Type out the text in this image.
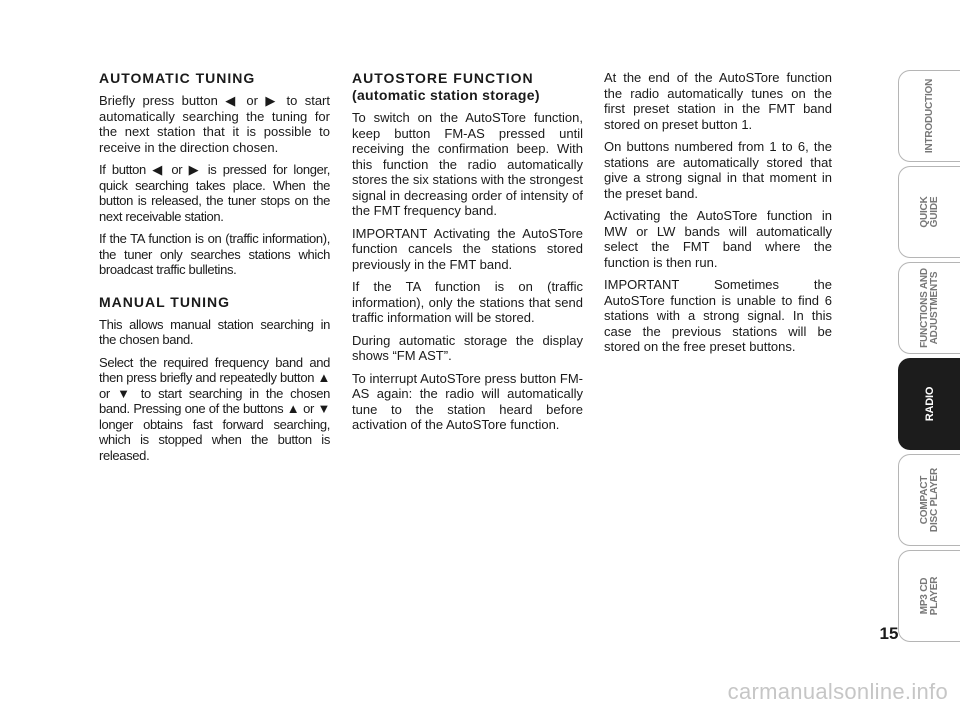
AUTOMATIC TUNING

Briefly press button ◀ or ▶ to start automatically searching the tuning for the next station that it is possible to receive in the direction chosen.

If button ◀ or ▶ is pressed for longer, quick searching takes place. When the button is released, the tuner stops on the next receivable station.

If the TA function is on (traffic information), the tuner only searches stations which broadcast traffic bulletins.

MANUAL TUNING

This allows manual station searching in the chosen band.

Select the required frequency band and then press briefly and repeatedly button ▲ or ▼ to start searching in the chosen band. Pressing one of the buttons ▲ or ▼ longer obtains fast forward searching, which is stopped when the button is released.

AUTOSTORE FUNCTION
(automatic station storage)

To switch on the AutoSTore function, keep button FM-AS pressed until receiving the confirmation beep. With this function the radio automatically stores the six stations with the strongest signal in decreasing order of intensity of the FMT frequency band.

IMPORTANT Activating the AutoSTore function cancels the stations stored previously in the FMT band.

If the TA function is on (traffic information), only the stations that send traffic information will be stored.

During automatic storage the display shows “FM AST”.

To interrupt AutoSTore press button FM-AS again: the radio will automatically tune to the station heard before activation of the AutoSTore function.

At the end of the AutoSTore function the radio automatically tunes on the first preset station in the FMT band stored on preset button 1.

On buttons numbered from 1 to 6, the stations are automatically stored that give a strong signal in that moment in the preset band.

Activating the AutoSTore function in MW or LW bands will automatically select the FMT band where the function is then run.

IMPORTANT Sometimes the AutoSTore function is unable to find 6 stations with a strong signal. In this case the previous stations will be stored on the free preset buttons.

INTRODUCTION
QUICK GUIDE
FUNCTIONS AND ADJUSTMENTS
RADIO
COMPACT DISC PLAYER
MP3 CD PLAYER
15
carmanualsonline.info
